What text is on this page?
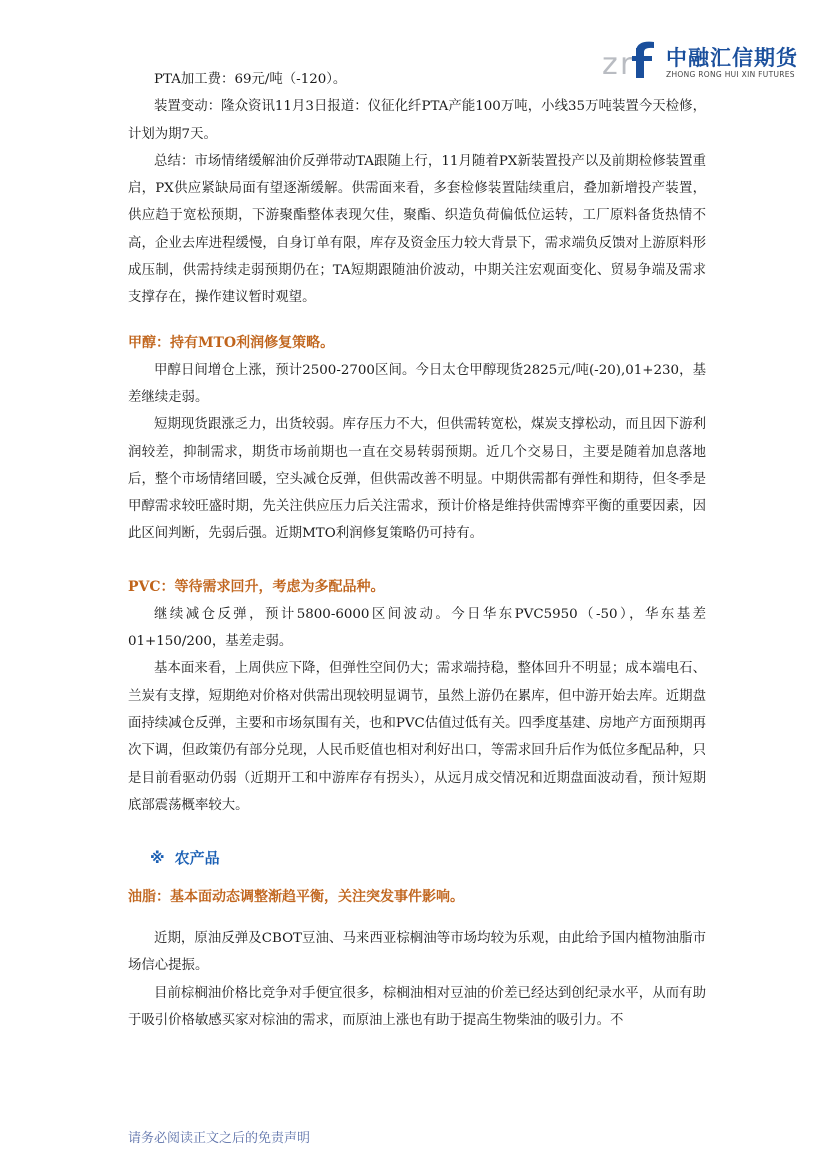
z r 中融汇信期货
ZHONG RONG HUI XIN FUTURES

PTA加工费：69元/吨（-120）。

装置变动：隆众资讯11月3日报道：仪征化纤PTA产能100万吨，小线35万吨装置今天检修，计划为期7天。

总结：市场情绪缓解油价反弹带动TA跟随上行，11月随着PX新装置投产以及前期检修装置重启，PX供应紧缺局面有望逐渐缓解。供需面来看，多套检修装置陆续重启，叠加新增投产装置，供应趋于宽松预期，下游聚酯整体表现欠佳，聚酯、织造负荷偏低位运转，工厂原料备货热情不高，企业去库进程缓慢，自身订单有限，库存及资金压力较大背景下，需求端负反馈对上游原料形成压制，供需持续走弱预期仍在；TA短期跟随油价波动，中期关注宏观面变化、贸易争端及需求支撑存在，操作建议暂时观望。

甲醇：持有MTO利润修复策略。

甲醇日间增仓上涨，预计2500-2700区间。今日太仓甲醇现货2825元/吨(-20),01+230，基差继续走弱。

短期现货跟涨乏力，出货较弱。库存压力不大，但供需转宽松，煤炭支撑松动，而且因下游利润较差，抑制需求，期货市场前期也一直在交易转弱预期。近几个交易日，主要是随着加息落地后，整个市场情绪回暖，空头减仓反弹，但供需改善不明显。中期供需都有弹性和期待，但冬季是甲醇需求较旺盛时期，先关注供应压力后关注需求，预计价格是维持供需博弈平衡的重要因素，因此区间判断，先弱后强。近期MTO利润修复策略仍可持有。

PVC：等待需求回升，考虑为多配品种。

继续减仓反弹，预计5800-6000区间波动。今日华东PVC5950（-50），华东基差01+150/200，基差走弱。

基本面来看，上周供应下降，但弹性空间仍大；需求端持稳，整体回升不明显；成本端电石、兰炭有支撑，短期绝对价格对供需出现较明显调节，虽然上游仍在累库，但中游开始去库。近期盘面持续减仓反弹，主要和市场氛围有关，也和PVC估值过低有关。四季度基建、房地产方面预期再次下调，但政策仍有部分兑现，人民币贬值也相对利好出口，等需求回升后作为低位多配品种，只是目前看驱动仍弱（近期开工和中游库存有拐头），从远月成交情况和近期盘面波动看，预计短期底部震荡概率较大。

※ 农产品
油脂：基本面动态调整渐趋平衡，关注突发事件影响。

近期，原油反弹及CBOT豆油、马来西亚棕榈油等市场均较为乐观，由此给予国内植物油脂市场信心提振。

目前棕榈油价格比竞争对手便宜很多，棕榈油相对豆油的价差已经达到创纪录水平，从而有助于吸引价格敏感买家对棕油的需求，而原油上涨也有助于提高生物柴油的吸引力。不

请务必阅读正文之后的免责声明
